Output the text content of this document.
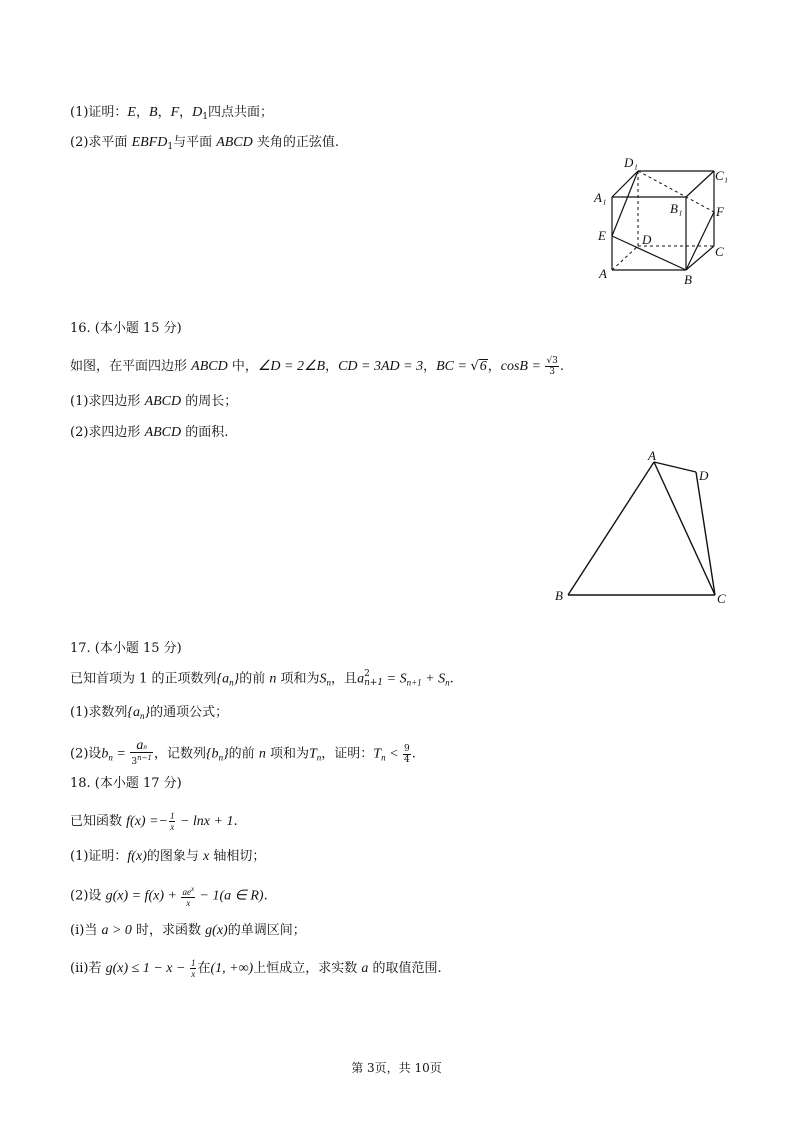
(1)证明：E，B，F，$D_1$四点共面；
(2)求平面 $EBFD_1$与平面 ABCD 夹角的正弦值.
D₁
C₁
A₁
B₁	F
E	D
C
A	B
16. (本小题 15 分)
如图，在平面四边形 ABCD 中，∠D = 2∠B，CD = 3AD = 3，BC = √6，$\cos B = \frac{√3}{3}$ .
(1)求四边形 ABCD 的周长；
(2)求四边形 ABCD 的面积.
A
D
B	C
17. (本小题 15 分)
已知首项为 1 的正项数列$\{a_n\}$的前 n 项和为$S_n$，且a 2
$n+1 = S_{n+1} + S_n$.
(1)求数列$\{a_n\}$的通项公式；
(2)设$b_n = \frac{an}{3^{n-1}}$ ，记数列$\{b_n\}$的前 n 项和为$T_n$，证明：$T_n < \frac{9}{4}$ .
18. (本小题 17 分)
已知函数 $f(x) =- \frac{1}{x} - \ln x + 1$.
(1)证明：f(x)的图象与 x 轴相切；
(2)设 $g(x) = f(x) + \frac{ae^x}{x} - 1(a$ ∈ R).
(i)当 a > 0 时，求函数 g(x)的单调区间；
(ii)若 $g(x) \le 1 - x - \frac{1}{x}$ 在(1, +∞)上恒成立，求实数 a 的取值范围.
第 3页，共 10页
